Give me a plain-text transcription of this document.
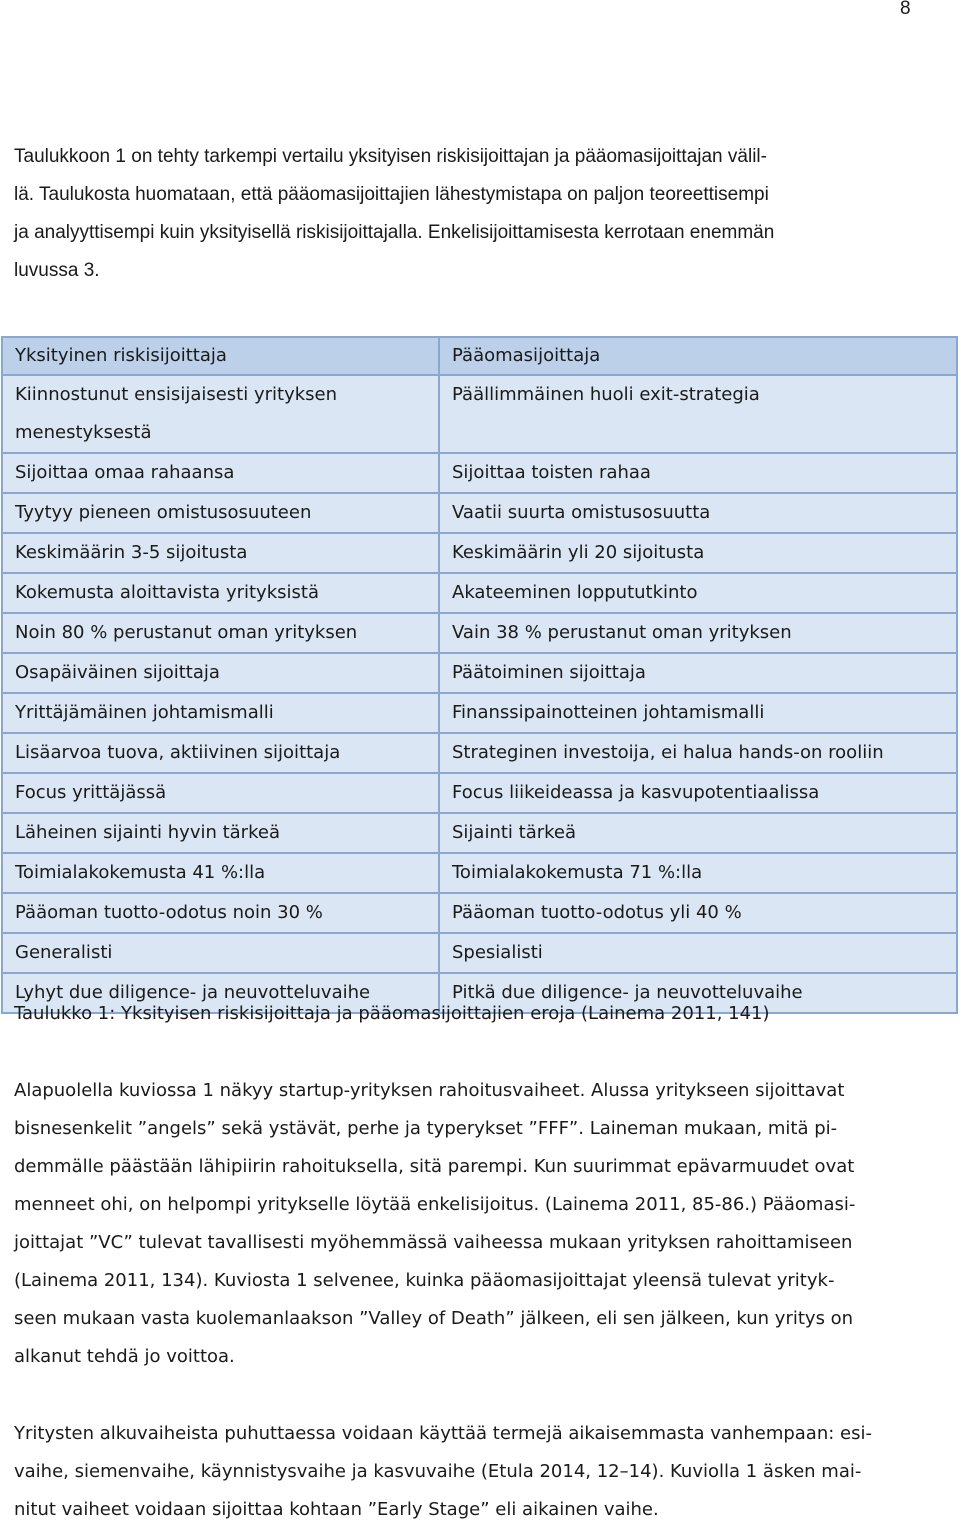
8
Taulukkoon 1 on tehty tarkempi vertailu yksityisen riskisijoittajan ja pääomasijoittajan välil-
lä. Taulukosta huomataan, että pääomasijoittajien lähestymistapa on paljon teoreettisempi
ja analyyttisempi kuin yksityisellä riskisijoittajalla. Enkelisijoittamisesta kerrotaan enemmän
luvussa 3.
Yksityinen riskisijoittaja	Pääomasijoittaja
Kiinnostunut ensisijaisesti yrityksen menestyksestä	Päällimmäinen huoli exit-strategia
Sijoittaa omaa rahaansa	Sijoittaa toisten rahaa
Tyytyy pieneen omistusosuuteen	Vaatii suurta omistusosuutta
Keskimäärin 3-5 sijoitusta	Keskimäärin yli 20 sijoitusta
Kokemusta aloittavista yrityksistä	Akateeminen loppututkinto
Noin 80 % perustanut oman yrityksen	Vain 38 % perustanut oman yrityksen
Osapäiväinen sijoittaja	Päätoiminen sijoittaja
Yrittäjämäinen johtamismalli	Finanssipainotteinen johtamismalli
Lisäarvoa tuova, aktiivinen sijoittaja	Strateginen investoija, ei halua hands-on rooliin
Focus yrittäjässä	Focus liikeideassa ja kasvupotentiaalissa
Läheinen sijainti hyvin tärkeä	Sijainti tärkeä
Toimialakokemusta 41 %:lla	Toimialakokemusta 71 %:lla
Pääoman tuotto-odotus noin 30 %	Pääoman tuotto-odotus yli 40 %
Generalisti	Spesialisti
Lyhyt due diligence- ja neuvotteluvaihe	Pitkä due diligence- ja neuvotteluvaihe
Taulukko 1: Yksityisen riskisijoittaja ja pääomasijoittajien eroja (Lainema 2011, 141)
Alapuolella kuviossa 1 näkyy startup-yrityksen rahoitusvaiheet. Alussa yritykseen sijoittavat
bisnesenkelit ”angels” sekä ystävät, perhe ja typerykset ”FFF”. Laineman mukaan, mitä pi-
demmälle päästään lähipiirin rahoituksella, sitä parempi. Kun suurimmat epävarmuudet ovat
menneet ohi, on helpompi yritykselle löytää enkelisijoitus. (Lainema 2011, 85-86.) Pääomasi-
joittajat ”VC” tulevat tavallisesti myöhemmässä vaiheessa mukaan yrityksen rahoittamiseen
(Lainema 2011, 134). Kuviosta 1 selvenee, kuinka pääomasijoittajat yleensä tulevat yrityk-
seen mukaan vasta kuolemanlaakson ”Valley of Death” jälkeen, eli sen jälkeen, kun yritys on
alkanut tehdä jo voittoa.
Yritysten alkuvaiheista puhuttaessa voidaan käyttää termejä aikaisemmasta vanhempaan: esi-
vaihe, siemenvaihe, käynnistysvaihe ja kasvuvaihe (Etula 2014, 12–14). Kuviolla 1 äsken mai-
nitut vaiheet voidaan sijoittaa kohtaan ”Early Stage” eli aikainen vaihe.
